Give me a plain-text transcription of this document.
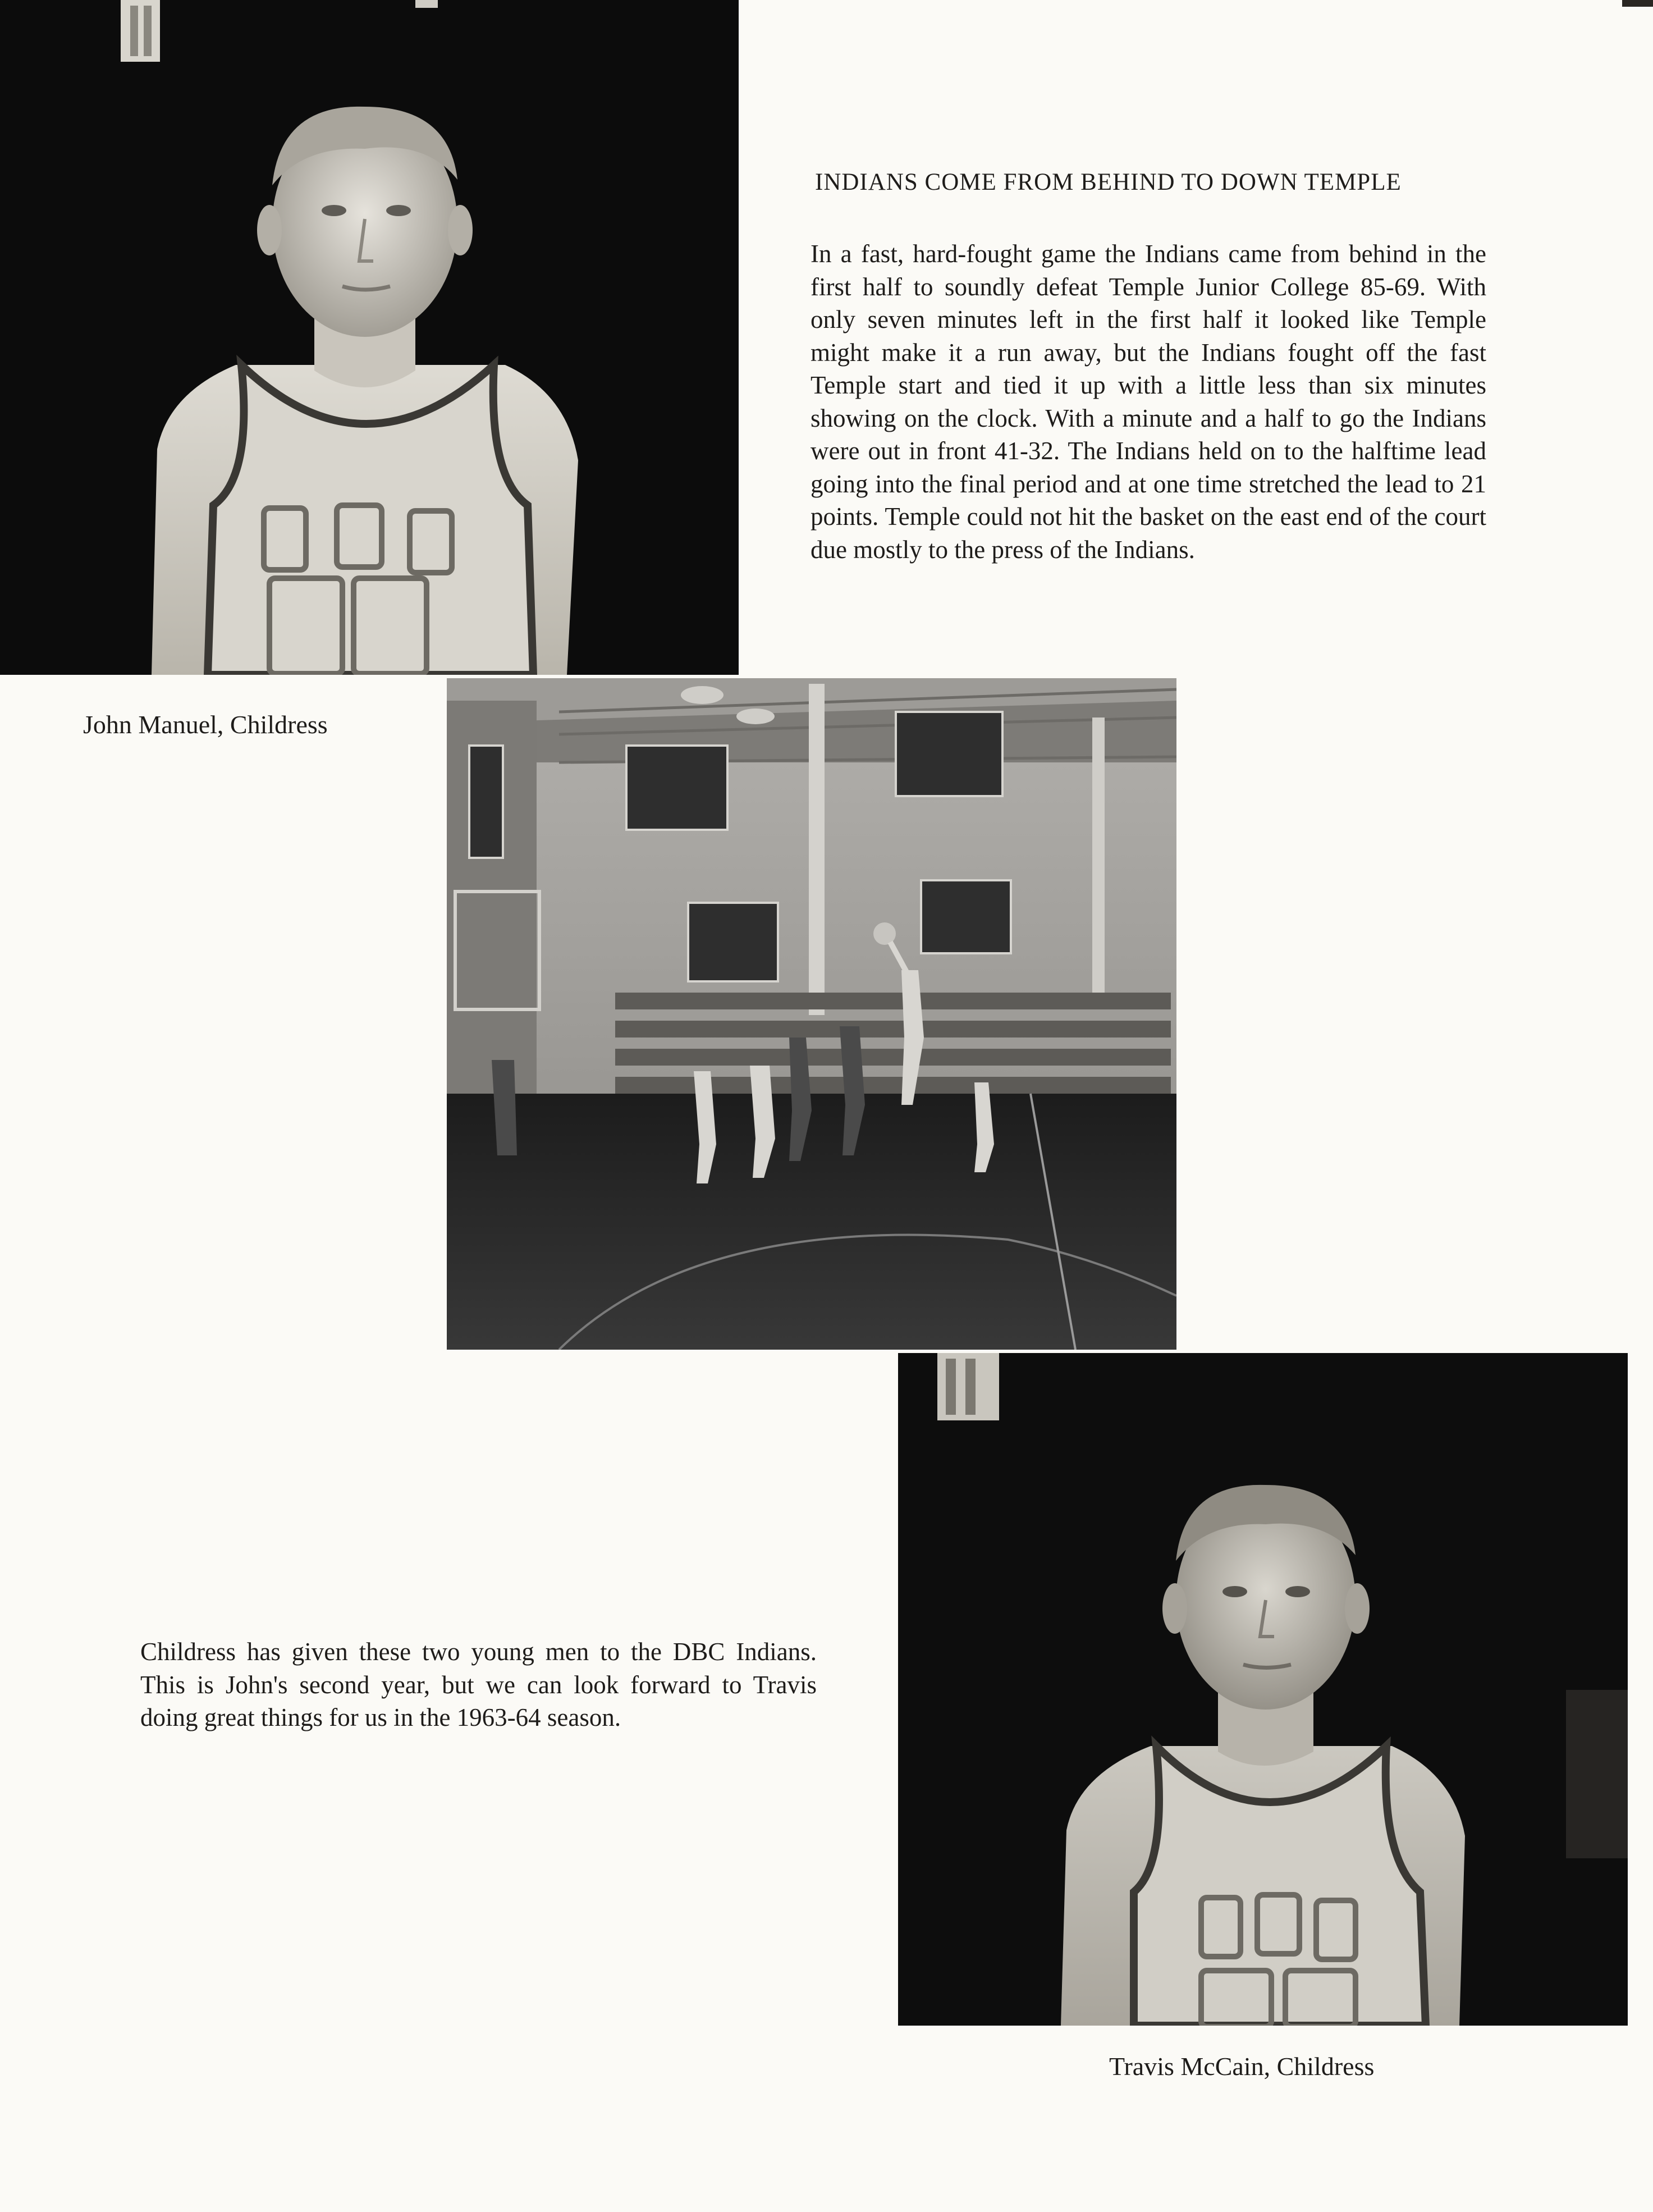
INDIANS COME FROM BEHIND TO DOWN TEMPLE

In a fast, hard-fought game the Indians came from behind in the first half to soundly defeat Temple Junior College 85-69. With only seven minutes left in the first half it looked like Temple might make it a run away, but the Indians fought off the fast Temple start and tied it up with a little less than six minutes showing on the clock. With a minute and a half to go the Indians were out in front 41-32. The Indians held on to the halftime lead going into the final period and at one time stretched the lead to 21 points. Temple could not hit the basket on the east end of the court due mostly to the press of the Indians.

John Manuel, Childress

Childress has given these two young men to the DBC Indians. This is John's second year, but we can look forward to Travis doing great things for us in the 1963-64 season.

Travis McCain, Childress
